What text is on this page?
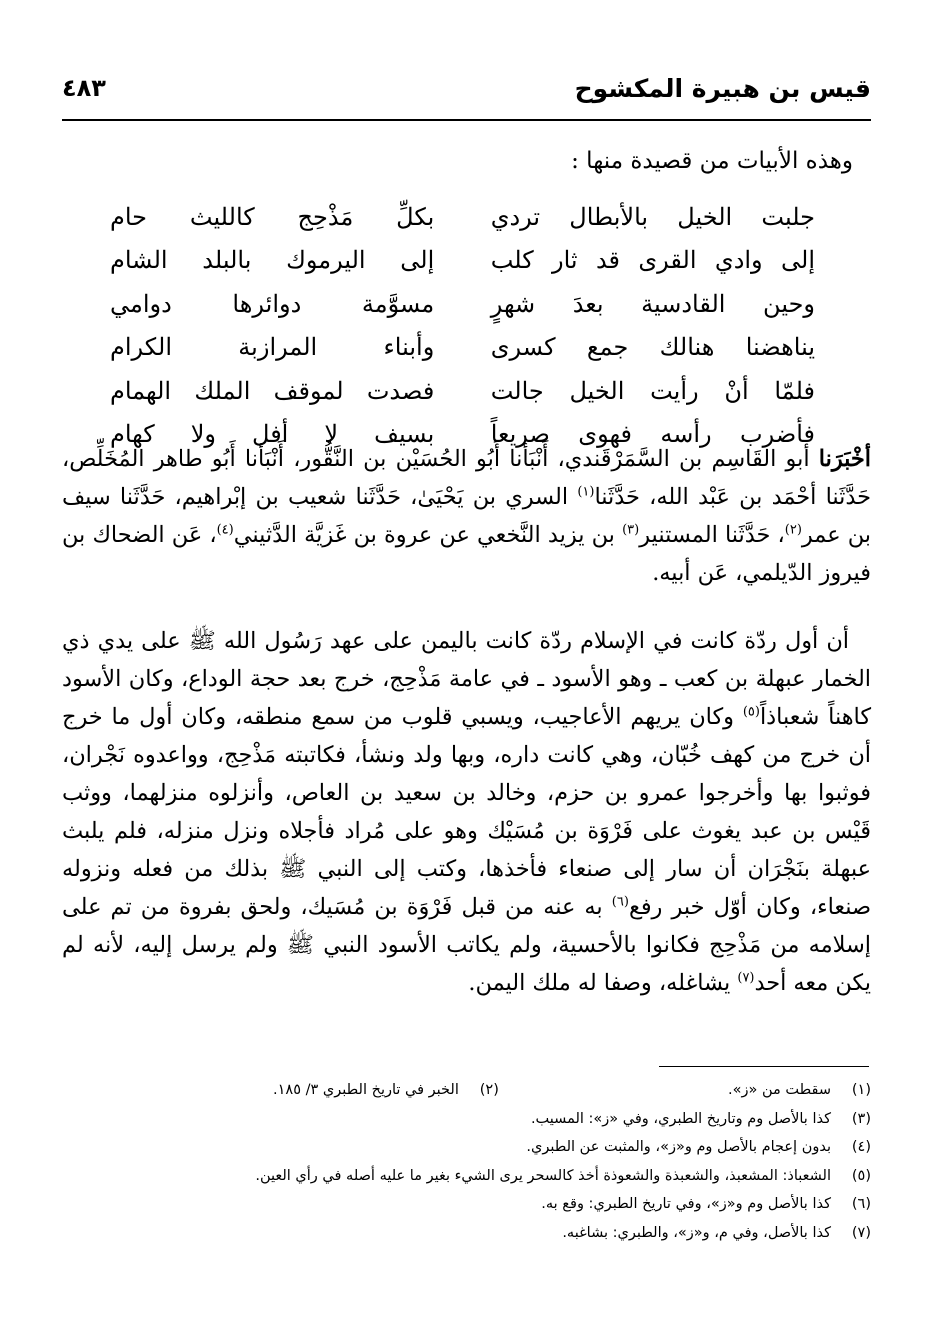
قيس بن هبيرة المكشوح
٤٨٣
وهذه الأبيات من قصيدة منها :
جلبت الخيل بالأبطال تردي
بكلِّ مَذْحِج كالليث حام
إلى وادي القرى قد ثار كلب
إلى اليرموك بالبلد الشام
وحين القادسية بعدَ شهرٍ
مسوَّمة دوائرها دوامي
يناهضنا هنالك جمع كسرى
وأبناء المرازبة الكرام
فلمّا أنْ رأيت الخيل جالت
فصدت لموقف الملك الهمام
فأضرب رأسه فهوى صريعاً
بسيف لا أفل ولا كهام

أخْبَرَنا أبو القَاسِم بن السَّمَرْقَندي، أَنْبَأنا أَبُو الحُسَيْن بن النَّقُّور، أَنْبَأنا أَبُو طاهر المُخَلِّص، حَدَّثَنا أحْمَد بن عَبْد الله، حَدَّثَنا$^{(١)}$ السري بن يَحْيَىٰ، حَدَّثَنا شعيب بن إبْراهيم، حَدَّثَنا سيف بن عمر$^{(٢)}$، حَدَّثَنا المستنير$^{(٣)}$ بن يزيد النَّخعي عن عروة بن غَزيَّة الدَّثيني$^{(٤)}$، عَن الضحاك بن فيروز الدّيلمي، عَن أبيه.

أن أول ردّة كانت في الإسلام ردّة كانت باليمن على عهد رَسُول الله ﷺ على يدي ذي الخمار عبهلة بن كعب ـ وهو الأسود ـ في عامة مَذْحِج، خرج بعد حجة الوداع، وكان الأسود كاهناً شعباذاً$^{(٥)}$ وكان يريهم الأعاجيب، ويسبي قلوب من سمع منطقه، وكان أول ما خرج أن خرج من كهف خُبّان، وهي كانت داره، وبها ولد ونشأ، فكاتبته مَذْحِج، وواعدوه نَجْران، فوثبوا بها وأخرجوا عمرو بن حزم، وخالد بن سعيد بن العاص، وأنزلوه منزلهما، ووثب قَيْس بن عبد يغوث على فَرْوَة بن مُسَيْك وهو على مُراد فأجلاه ونزل منزله، فلم يلبث عبهلة بنَجْرَان أن سار إلى صنعاء فأخذها، وكتب إلى النبي ﷺ بذلك من فعله ونزوله صنعاء، وكان أوّل خبر رفع$^{(٦)}$ به عنه من قبل فَرْوَة بن مُسَيك، ولحق بفروة من تم على إسلامه من مَذْحِج فكانوا بالأحسية، ولم يكاتب الأسود النبي ﷺ ولم يرسل إليه، لأنه لم يكن معه أحد$^{(٧)}$ يشاغله، وصفا له ملك اليمن.

(١)سقطت من «ز».
(٢)الخبر في تاريخ الطبري ٣/ ١٨٥.
(٣)كذا بالأصل وم وتاريخ الطبري، وفي «ز»: المسيب.
(٤)بدون إعجام بالأصل وم و«ز»، والمثبت عن الطبري.
(٥)الشعباذ: المشعبذ، والشعبذة والشعوذة أخذ كالسحر يرى الشيء بغير ما عليه أصله في رأي العين.
(٦)كذا بالأصل وم و«ز»، وفي تاريخ الطبري: وقع به.
(٧)كذا بالأصل، وفي م، و«ز»، والطبري: بشاغبه.
